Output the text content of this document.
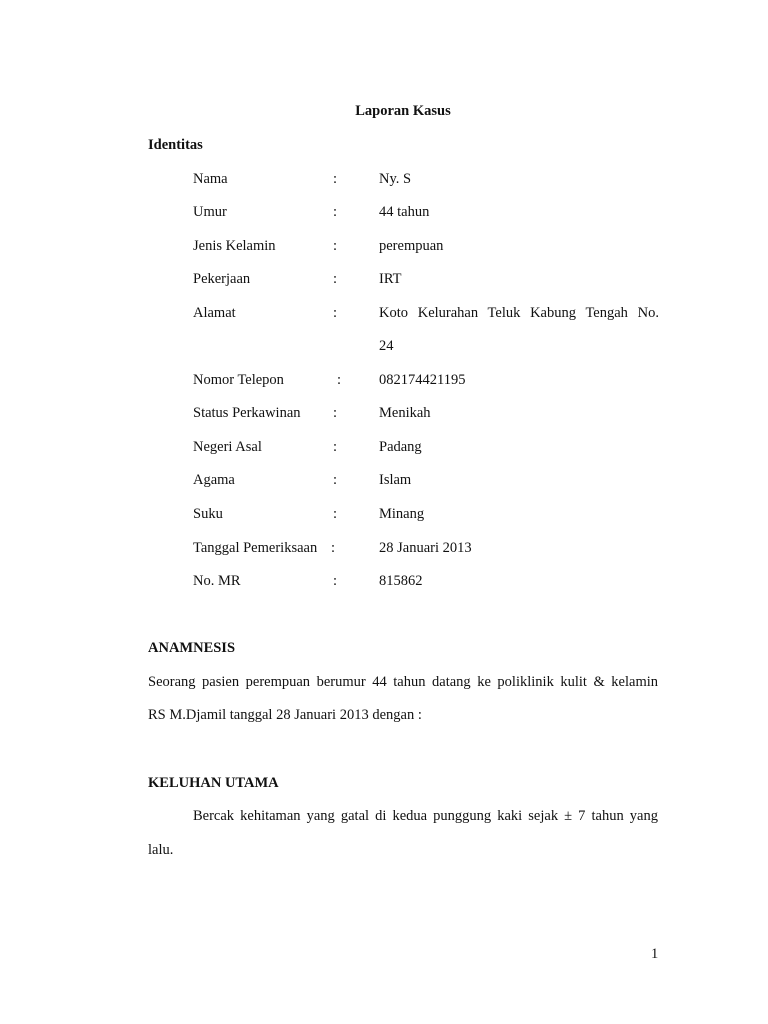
Laporan Kasus
Identitas
Nama	:	Ny. S
Umur	:	44 tahun
Jenis Kelamin	:	perempuan
Pekerjaan	:	IRT
Alamat	:	Koto Kelurahan Teluk Kabung Tengah No.
24
Nomor Telepon	:	082174421195
Status Perkawinan :	Menikah
Negeri Asal	:	Padang
Agama	:	Islam
Suku	:	Minang
Tanggal Pemeriksaan :	28 Januari 2013
No. MR	:	815862
ANAMNESIS
Seorang pasien perempuan berumur 44 tahun datang ke poliklinik kulit & kelamin
RS M.Djamil tanggal 28 Januari 2013 dengan :
KELUHAN UTAMA
Bercak kehitaman yang gatal di kedua punggung kaki sejak ± 7 tahun yang
lalu.
1
